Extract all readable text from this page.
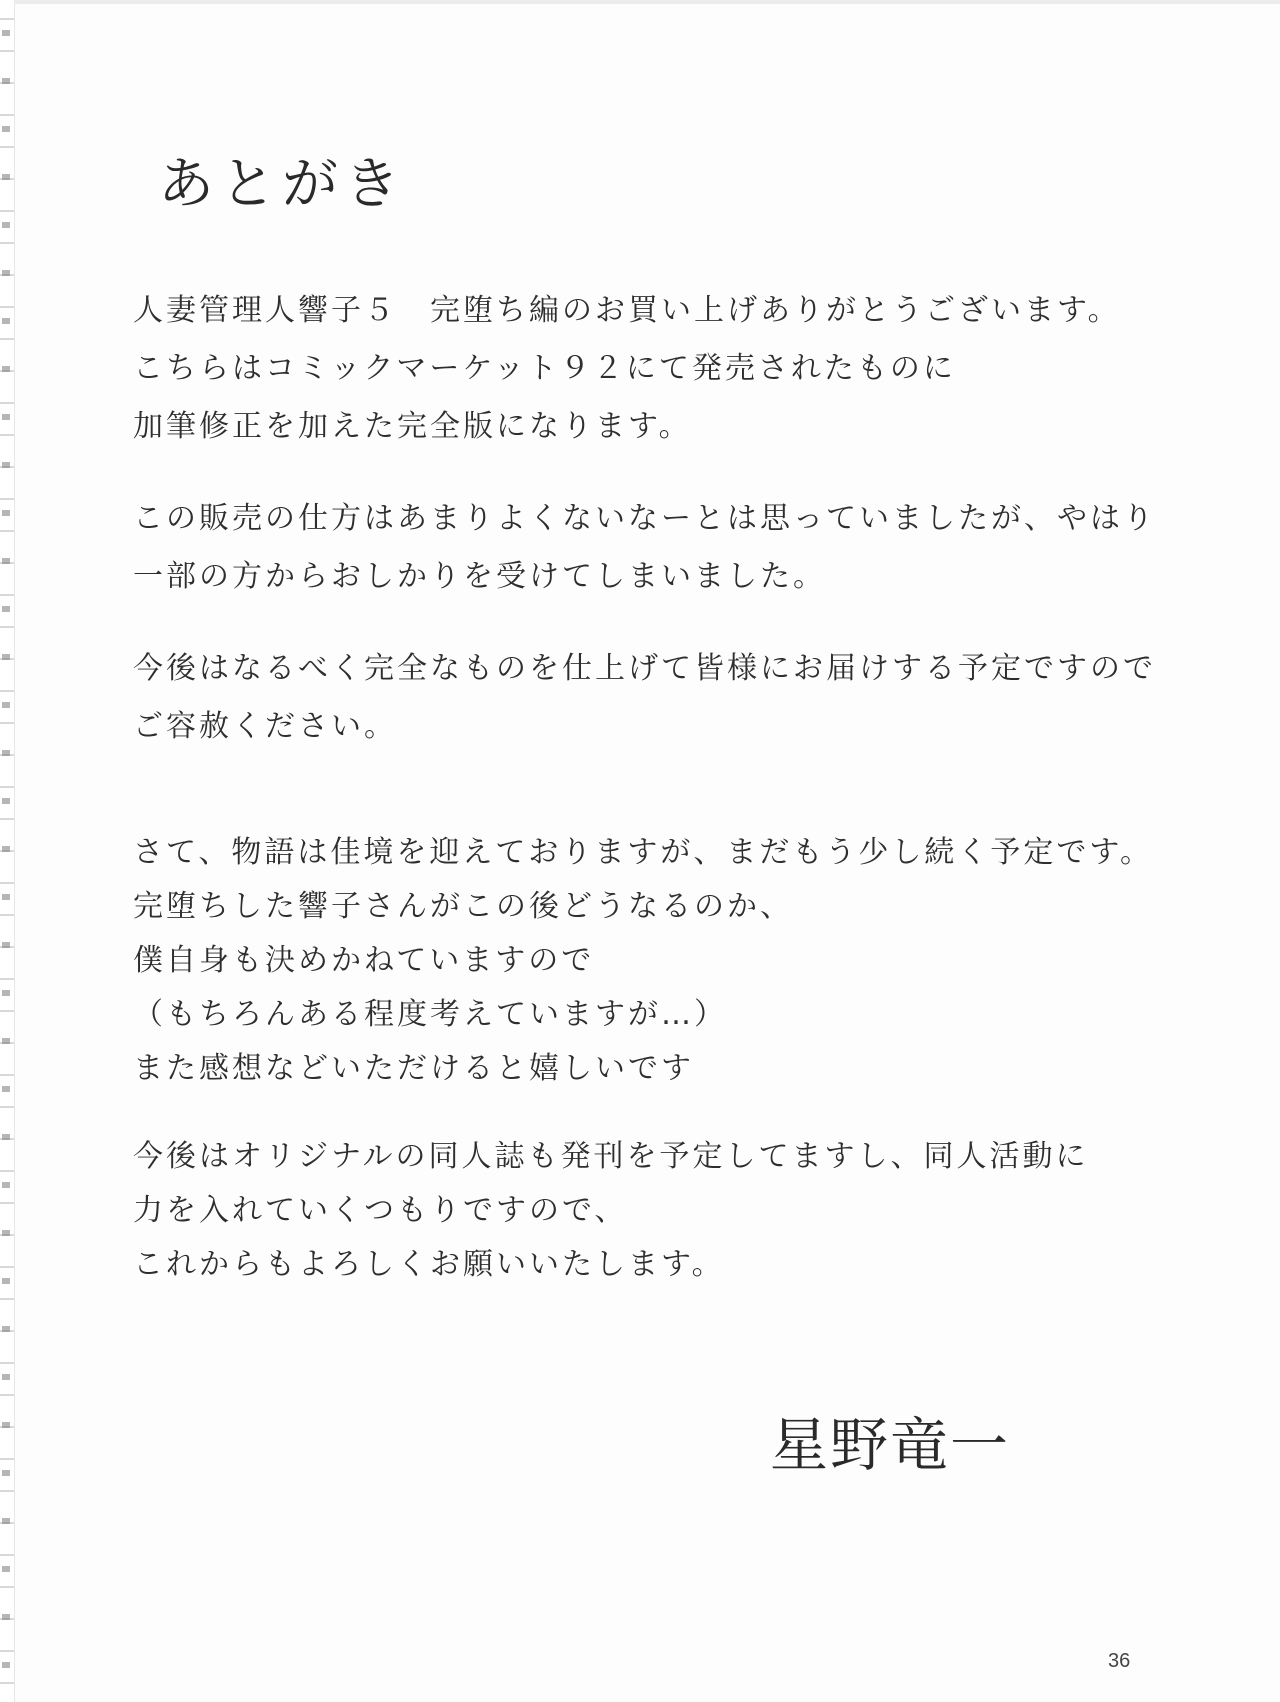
あとがき
人妻管理人響子５　完堕ち編のお買い上げありがとうございます。
こちらはコミックマーケット９２にて発売されたものに
加筆修正を加えた完全版になります。
この販売の仕方はあまりよくないなーとは思っていましたが、やはり
一部の方からおしかりを受けてしまいました。
今後はなるべく完全なものを仕上げて皆様にお届けする予定ですので
ご容赦ください。
さて、物語は佳境を迎えておりますが、まだもう少し続く予定です。
完堕ちした響子さんがこの後どうなるのか、
僕自身も決めかねていますので
（もちろんある程度考えていますが…）
また感想などいただけると嬉しいです
今後はオリジナルの同人誌も発刊を予定してますし、同人活動に
力を入れていくつもりですので、
これからもよろしくお願いいたします。
星野竜一
36
